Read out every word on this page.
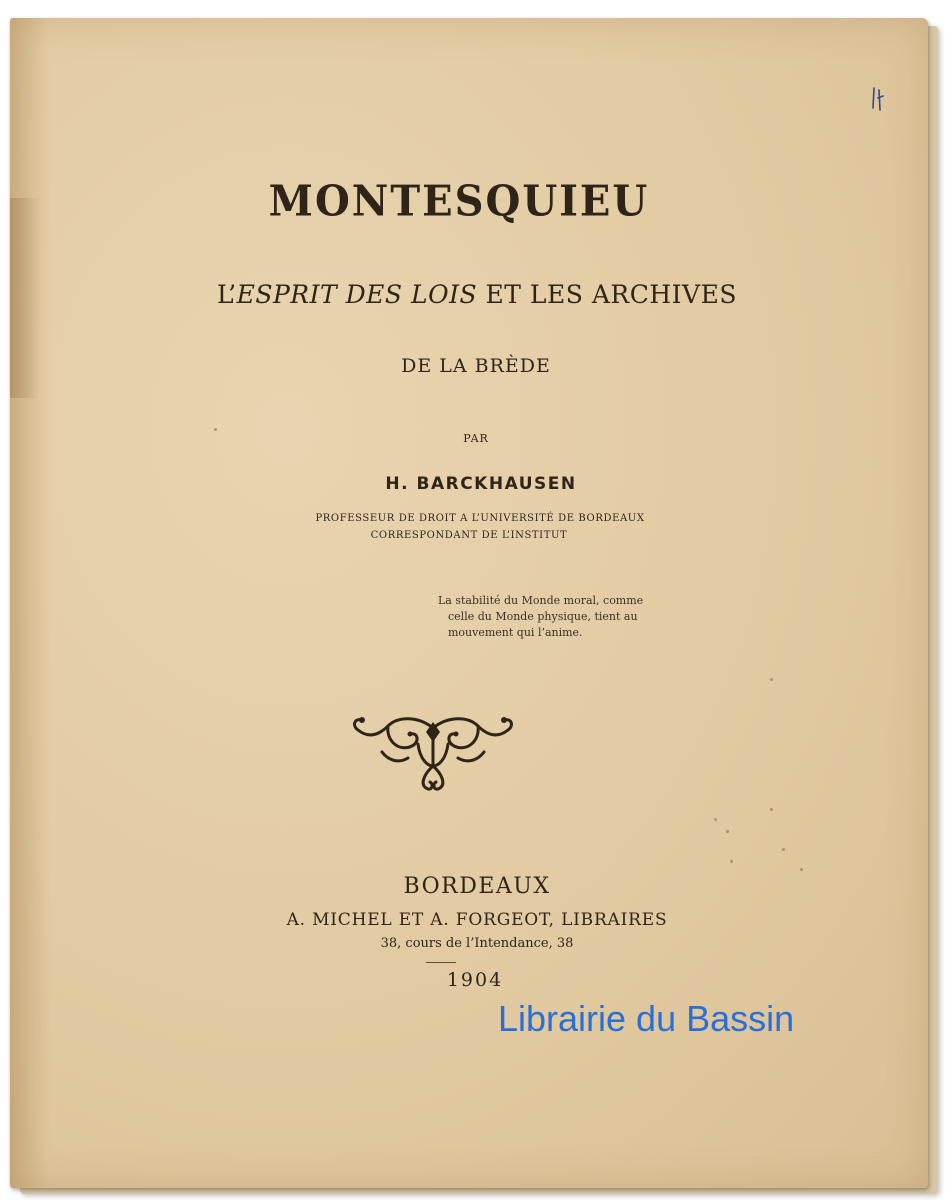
MONTESQUIEU

L’ESPRIT DES LOIS ET LES ARCHIVES

DE LA BRÈDE

PAR

H. BARCKHAUSEN

PROFESSEUR DE DROIT A L’UNIVERSITÉ DE BORDEAUX

CORRESPONDANT DE L’INSTITUT

La stabilité du Monde moral, comme
celle du Monde physique, tient au
mouvement qui l’anime.

BORDEAUX

A. MICHEL ET A. FORGEOT, LIBRAIRES

38, cours de l’Intendance, 38

1904

Librairie du Bassin
